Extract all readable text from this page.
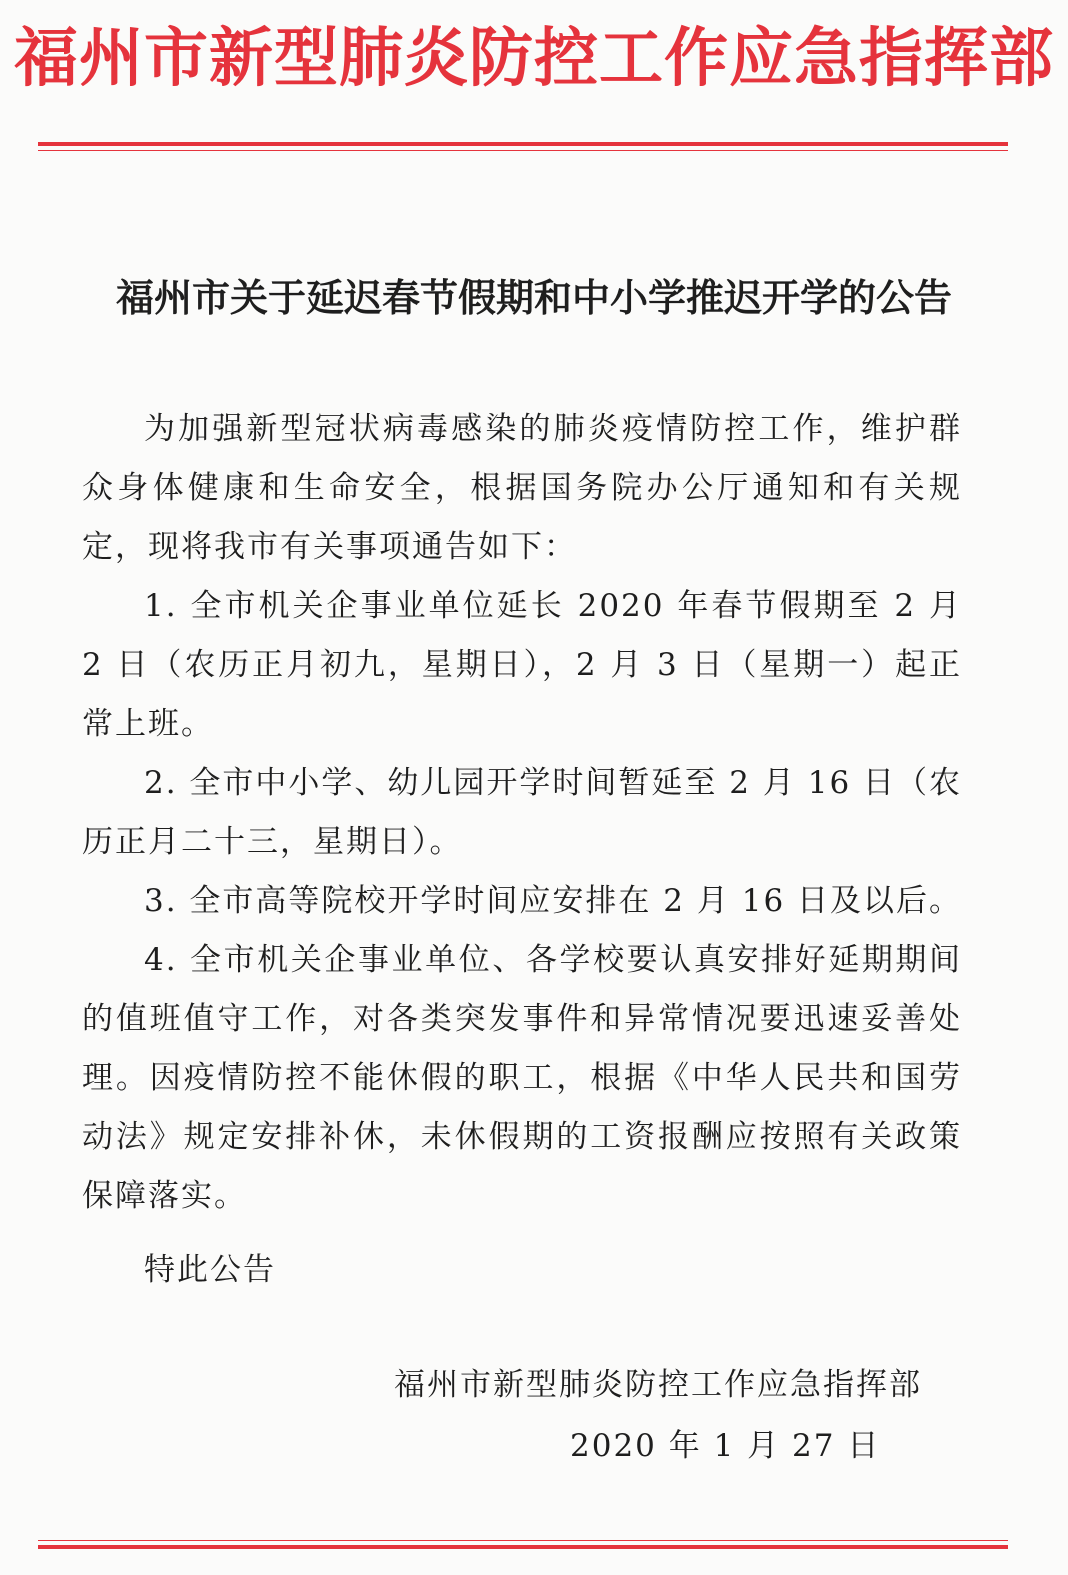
福州市新型肺炎防控工作应急指挥部
福州市关于延迟春节假期和中小学推迟开学的公告

为加强新型冠状病毒感染的肺炎疫情防控工作，维护群众身体健康和生命安全，根据国务院办公厅通知和有关规定，现将我市有关事项通告如下：

1. 全市机关企事业单位延长 2020 年春节假期至 2 月 2 日（农历正月初九，星期日），2 月 3 日（星期一）起正常上班。

2. 全市中小学、幼儿园开学时间暂延至 2 月 16 日（农历正月二十三，星期日）。

3. 全市高等院校开学时间应安排在 2 月 16 日及以后。

4. 全市机关企事业单位、各学校要认真安排好延期期间的值班值守工作，对各类突发事件和异常情况要迅速妥善处理。因疫情防控不能休假的职工，根据《中华人民共和国劳动法》规定安排补休，未休假期的工资报酬应按照有关政策保障落实。

特此公告
福州市新型肺炎防控工作应急指挥部
2020 年 1 月 27 日
